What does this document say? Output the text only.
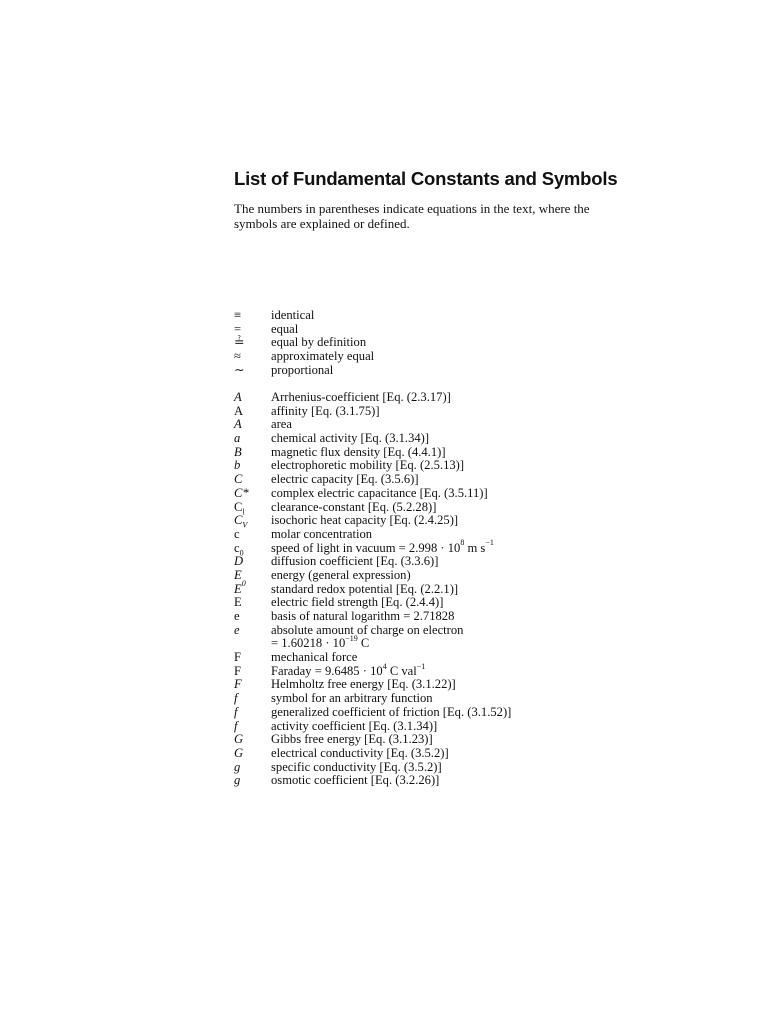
List of Fundamental Constants and Symbols

The numbers in parentheses indicate equations in the text, where the symbols are explained or defined.

≡	identical
=	equal
≟	equal by definition
≈	approximately equal
∼	proportional
A	Arrhenius-coefficient [Eq. (2.3.17)]
A	affinity [Eq. (3.1.75)]
A	area
a	chemical activity [Eq. (3.1.34)]
B	magnetic flux density [Eq. (4.4.1)]
b	electrophoretic mobility [Eq. (2.5.13)]
C	electric capacity [Eq. (3.5.6)]
C*	complex electric capacitance [Eq. (3.5.11)]
$C_l$	clearance-constant [Eq. (5.2.28)]
$C_V$	isochoric heat capacity [Eq. (2.4.25)]
c	molar concentration
$c_0$	speed of light in vacuum = $2.998 \cdot 10^8$ m $s^{-1}$
D	diffusion coefficient [Eq. (3.3.6)]
E	energy (general expression)
$E^0$	standard redox potential [Eq. (2.2.1)]
E	electric field strength [Eq. (2.4.4)]
e	basis of natural logarithm = 2.71828
e	absolute amount of charge on electron
= $1.60218 \cdot 10^{-19}$ C
F	mechanical force
F	Faraday = $9.6485 \cdot 10^4$ C val$^{-1}$
F	Helmholtz free energy [Eq. (3.1.22)]
f	symbol for an arbitrary function
f	generalized coefficient of friction [Eq. (3.1.52)]
f	activity coefficient [Eq. (3.1.34)]
G	Gibbs free energy [Eq. (3.1.23)]
G	electrical conductivity [Eq. (3.5.2)]
g	specific conductivity [Eq. (3.5.2)]
g	osmotic coefficient [Eq. (3.2.26)]
